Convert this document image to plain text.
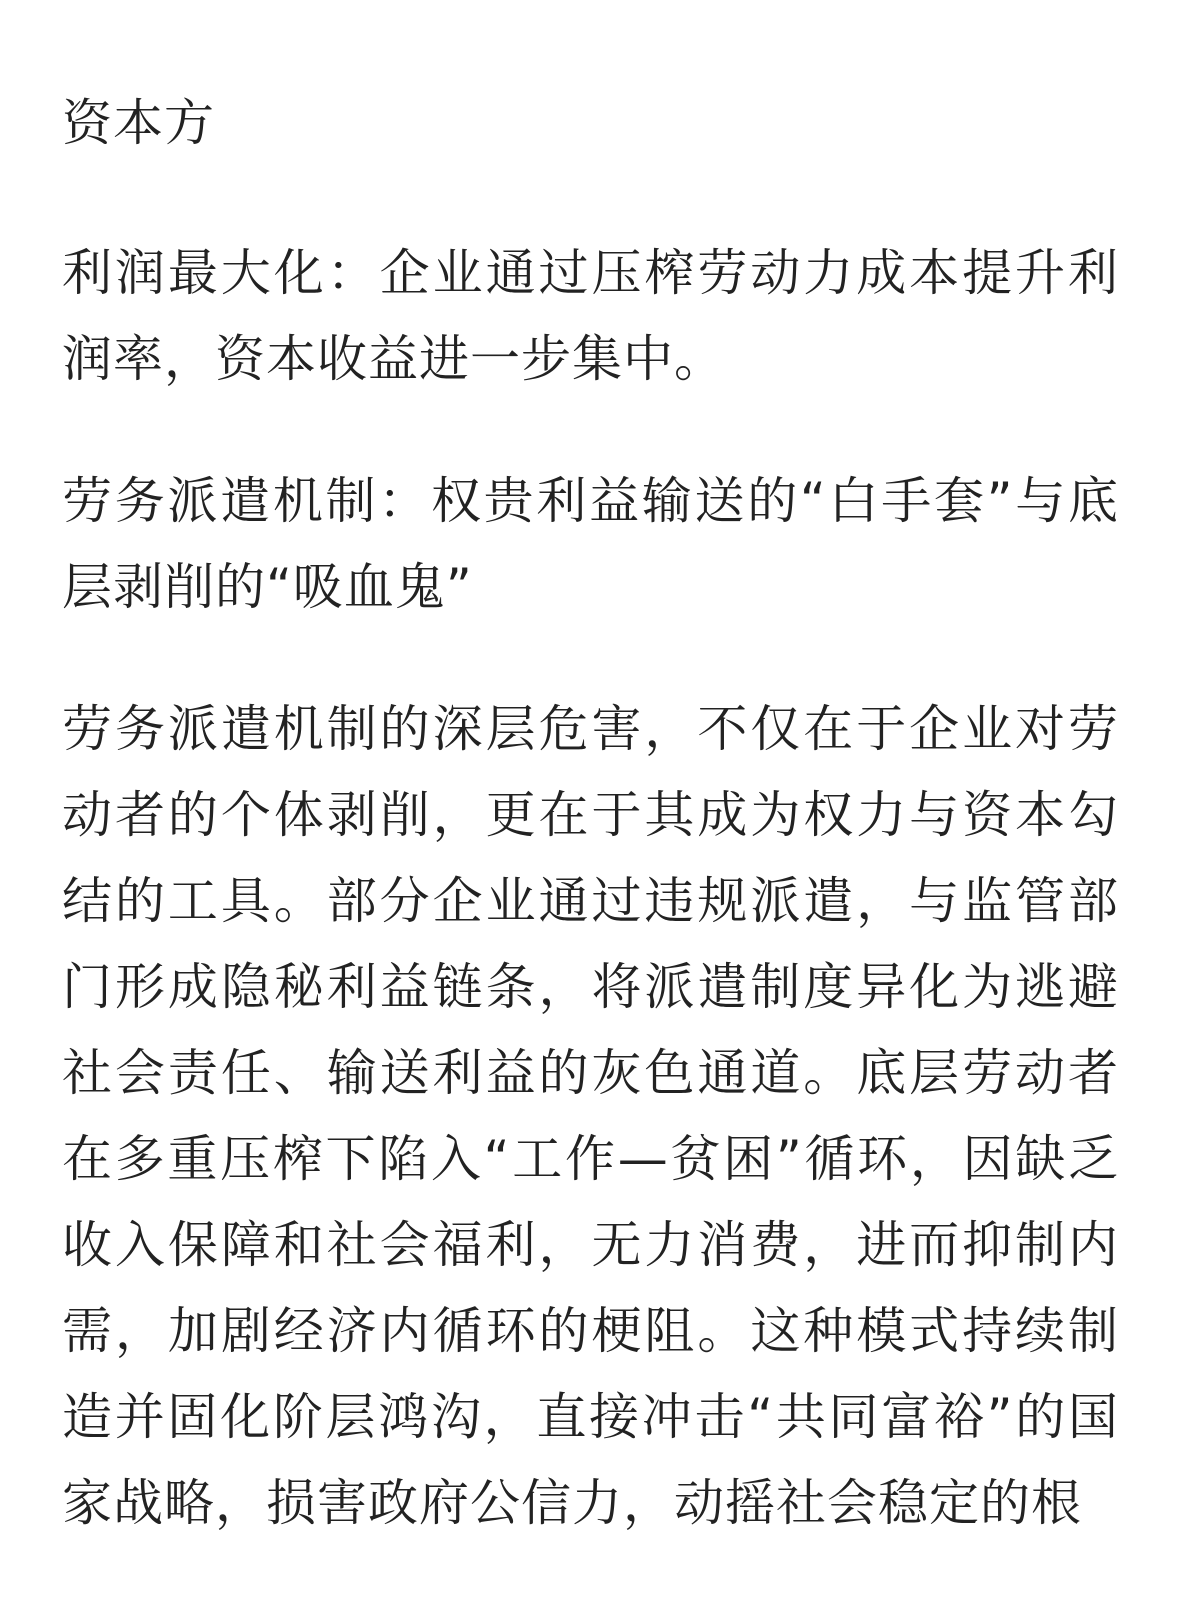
资本方

利润最大化：企业通过压榨劳动力成本提升利润率，资本收益进一步集中。

劳务派遣机制：权贵利益输送的“白手套”与底层剥削的“吸血鬼”

劳务派遣机制的深层危害，不仅在于企业对劳动者的个体剥削，更在于其成为权力与资本勾结的工具。部分企业通过违规派遣，与监管部门形成隐秘利益链条，将派遣制度异化为逃避社会责任、输送利益的灰色通道。底层劳动者在多重压榨下陷入“工作—贫困”循环，因缺乏收入保障和社会福利，无力消费，进而抑制内需，加剧经济内循环的梗阻。这种模式持续制造并固化阶层鸿沟，直接冲击“共同富裕”的国家战略，损害政府公信力，动摇社会稳定的根
